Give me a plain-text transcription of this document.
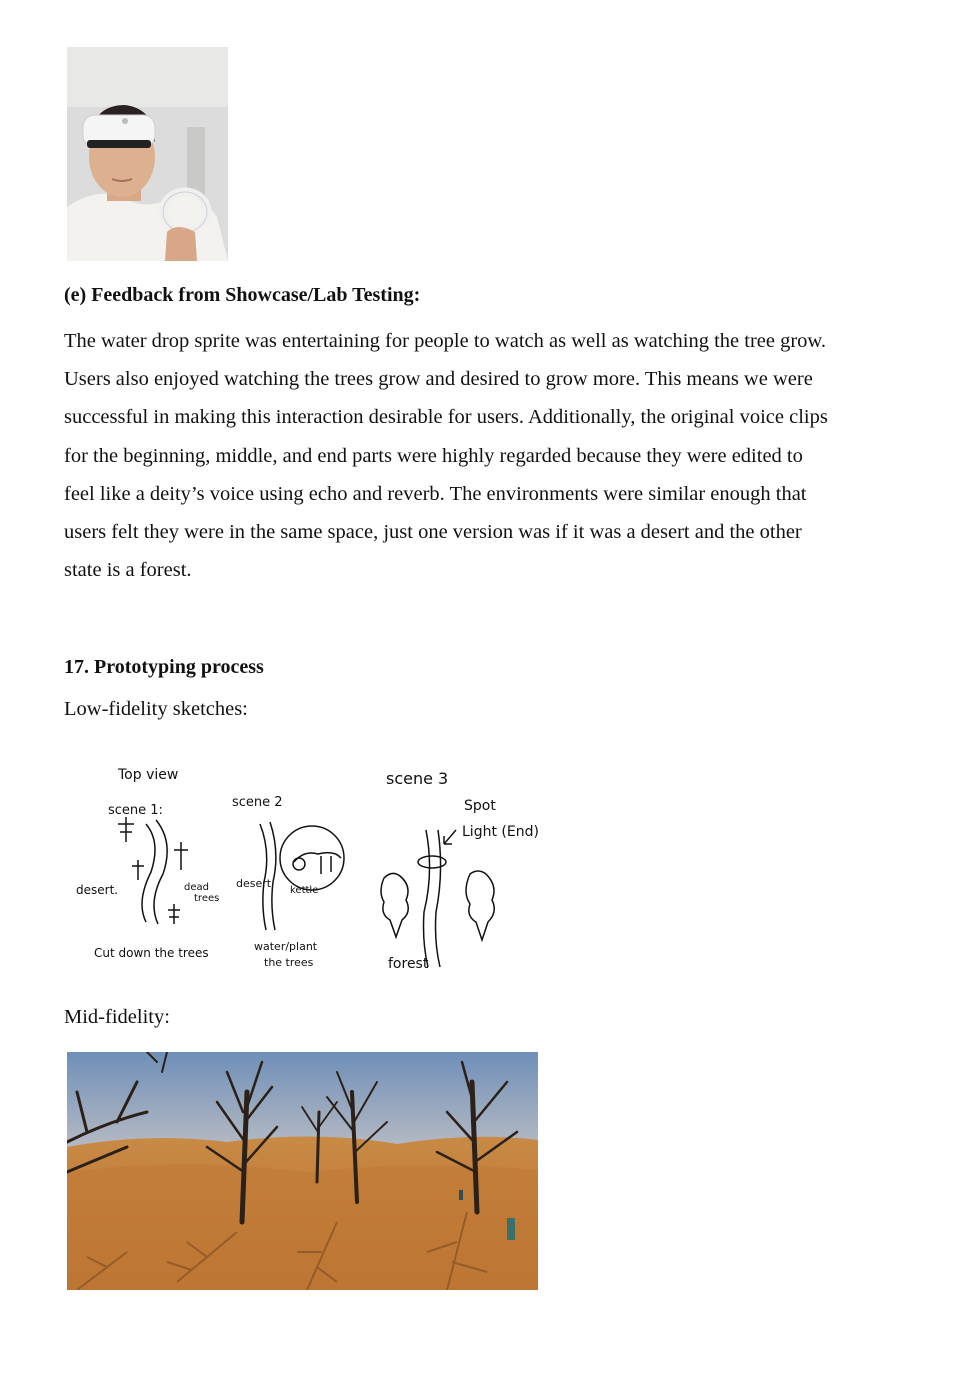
(e) Feedback from Showcase/Lab Testing:
The water drop sprite was entertaining for people to watch as well as watching the tree grow.
Users also enjoyed watching the trees grow and desired to grow more. This means we were
successful in making this interaction desirable for users. Additionally, the original voice clips
for the beginning, middle, and end parts were highly regarded because they were edited to
feel like a deity’s voice using echo and reverb. The environments were similar enough that
users felt they were in the same space, just one version was if it was a desert and the other
state is a forest.
17. Prototyping process

Low-fidelity sketches:

Top view
scene 1:
scene 2
scene 3
desert.	dead
trees
Cut down the trees
desert
kettle
water/plant
the trees
Spot
Light (End)
forest

Mid-fidelity:
